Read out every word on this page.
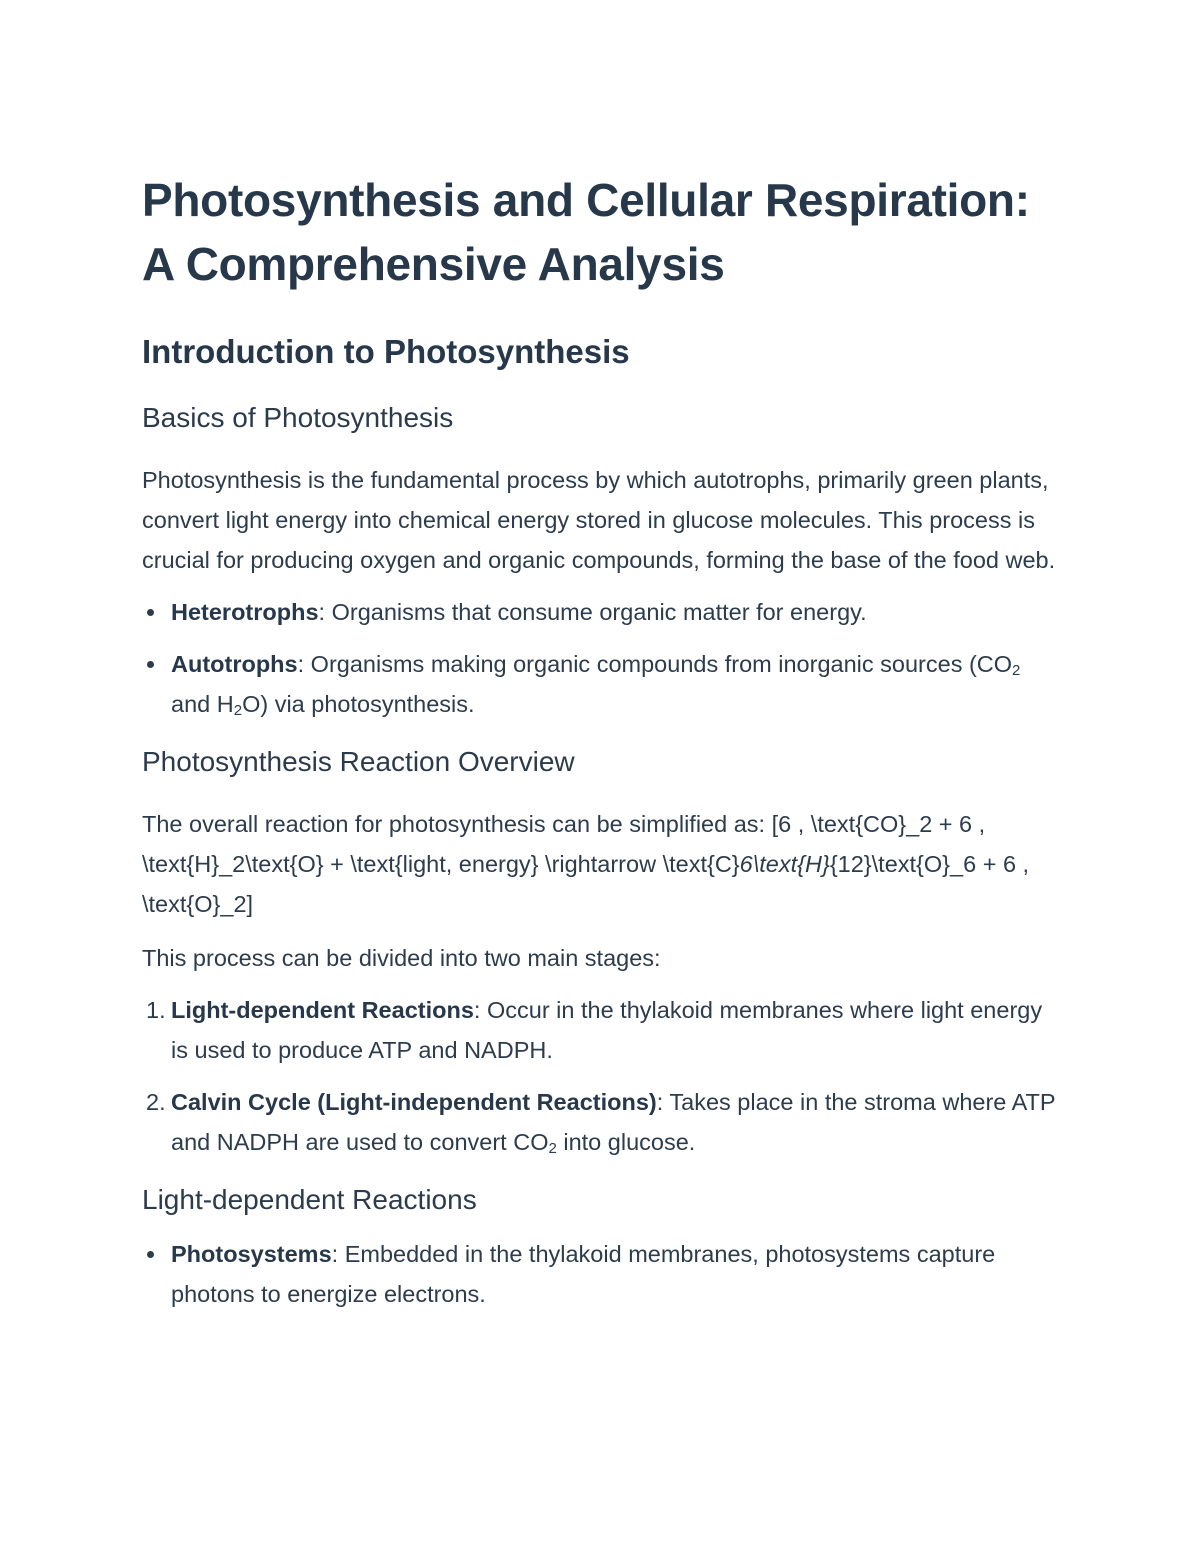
Photosynthesis and Cellular Respiration: A Comprehensive Analysis
Introduction to Photosynthesis
Basics of Photosynthesis

Photosynthesis is the fundamental process by which autotrophs, primarily green plants, convert light energy into chemical energy stored in glucose molecules. This process is crucial for producing oxygen and organic compounds, forming the base of the food web.

Heterotrophs: Organisms that consume organic matter for energy.
Autotrophs: Organisms making organic compounds from inorganic sources ($CO_2$ and $H_2O$) via photosynthesis.
Photosynthesis Reaction Overview

The overall reaction for photosynthesis can be simplified as: [6 , \text{CO}_2 + 6 , \text{H}_2\text{O} + \text{light, energy} \rightarrow \text{C}6\text{H}{12}\text{O}_6 + 6 , \text{O}_2]

This process can be divided into two main stages:

1. Light-dependent Reactions: Occur in the thylakoid membranes where light energy is used to produce ATP and NADPH.
2. Calvin Cycle (Light-independent Reactions): Takes place in the stroma where ATP and NADPH are used to convert $CO_2$ into glucose.
Light-dependent Reactions
Photosystems: Embedded in the thylakoid membranes, photosystems capture photons to energize electrons.
